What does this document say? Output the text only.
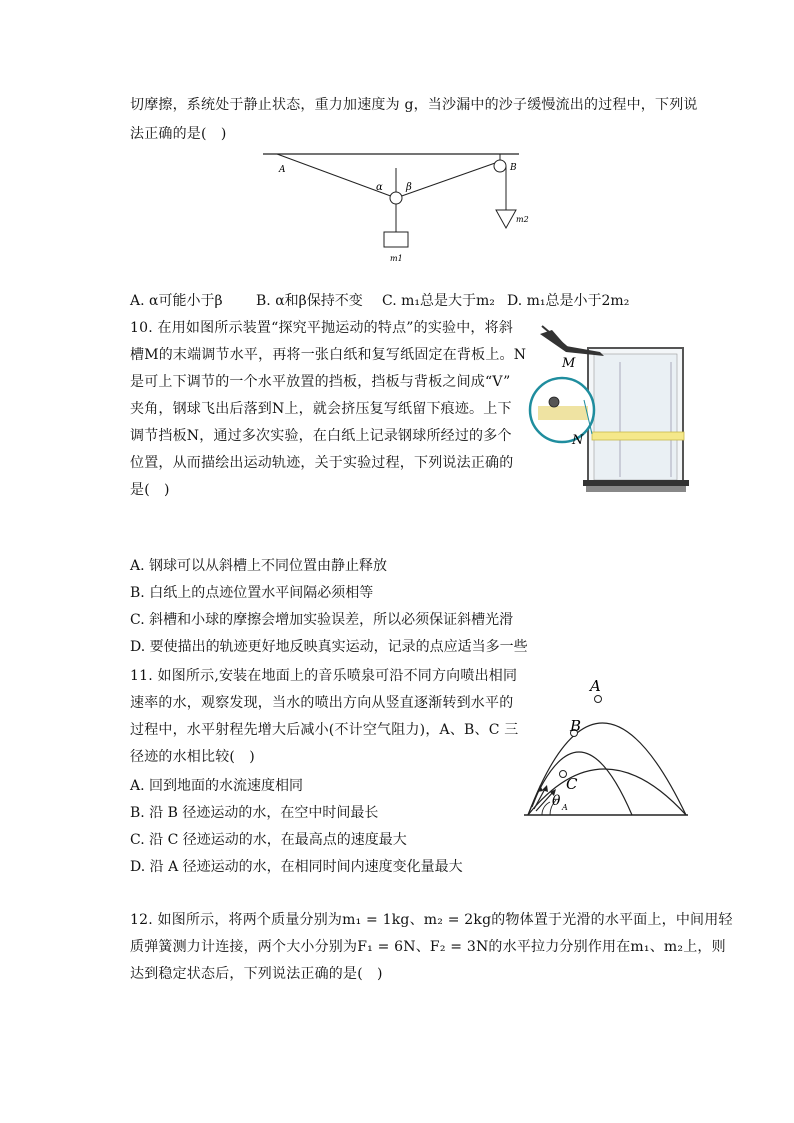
切摩擦，系统处于静止状态，重力加速度为 g，当沙漏中的沙子缓慢流出的过程中，下列说
法正确的是(　)
A	B
α β
m1
m2
A. α可能小于β B. α和β保持不变 C. m₁总是大于m₂ D. m₁总是小于2m₂
10. 在用如图所示装置“探究平抛运动的特点”的实验中，将斜
槽M的末端调节水平，再将一张白纸和复写纸固定在背板上。N
是可上下调节的一个水平放置的挡板，挡板与背板之间成“V”
夹角，钢球飞出后落到N上，就会挤压复写纸留下痕迹。上下
调节挡板N，通过多次实验，在白纸上记录钢球所经过的多个
位置，从而描绘出运动轨迹，关于实验过程，下列说法正确的
是(　)
M
N
A. 钢球可以从斜槽上不同位置由静止释放
B. 白纸上的点迹位置水平间隔必须相等
C. 斜槽和小球的摩擦会增加实验误差，所以必须保证斜槽光滑
D. 要使描出的轨迹更好地反映真实运动，记录的点应适当多一些
11. 如图所示,安装在地面上的音乐喷泉可沿不同方向喷出相同
速率的水，观察发现，当水的喷出方向从竖直逐渐转到水平的
过程中，水平射程先增大后减小(不计空气阻力)，A、B、C 三
径迹的水相比较(　)
A
B
C
θ A
A. 回到地面的水流速度相同
B. 沿 B 径迹运动的水，在空中时间最长
C. 沿 C 径迹运动的水，在最高点的速度最大
D. 沿 A 径迹运动的水，在相同时间内速度变化量最大
12. 如图所示，将两个质量分别为m₁ = 1kg、m₂ = 2kg的物体置于光滑的水平面上，中间用轻
质弹簧测力计连接，两个大小分别为F₁ = 6N、F₂ = 3N的水平拉力分别作用在m₁、m₂上，则
达到稳定状态后，下列说法正确的是(　)
